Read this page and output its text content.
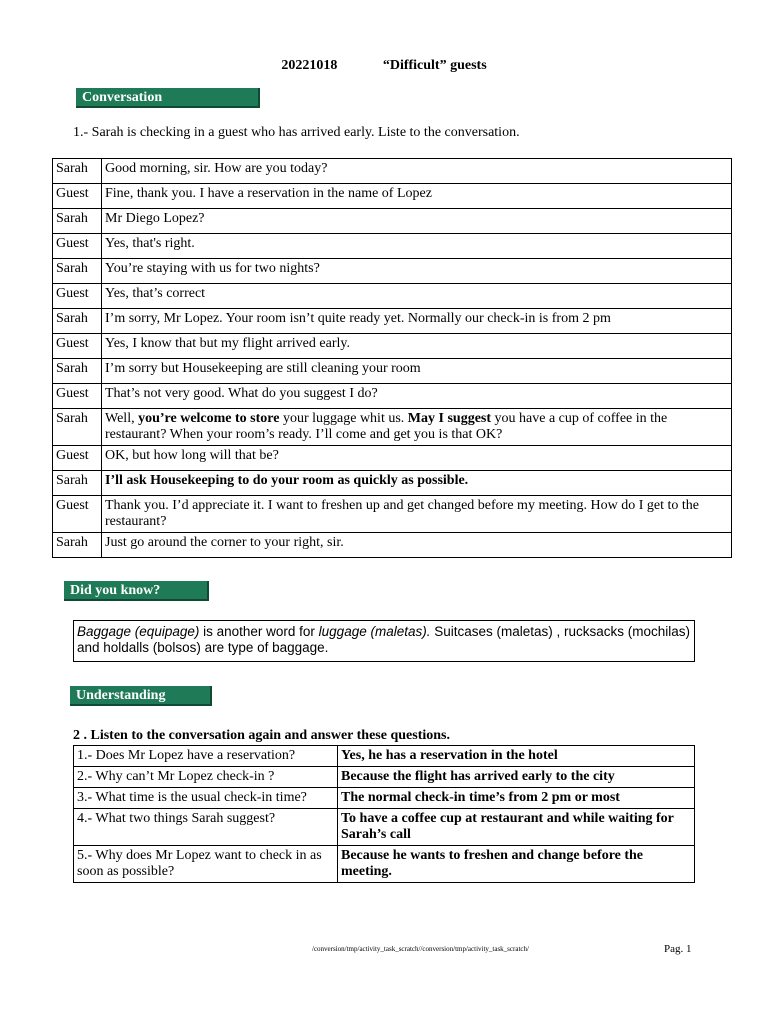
20221018	“Difficult” guests
Conversation
1.- Sarah is checking in a guest who has arrived early. Liste to the conversation.
Sarah	Good morning, sir. How are you today?
Guest	Fine, thank you. I have a reservation in the name of Lopez
Sarah	Mr Diego Lopez?
Guest	Yes, that's right.
Sarah	You’re staying with us for two nights?
Guest	Yes, that’s correct
Sarah	I’m sorry, Mr Lopez. Your room isn’t quite ready yet. Normally our check-in is from 2 pm
Guest	Yes, I know that but my flight arrived early.
Sarah	I’m sorry but Housekeeping are still cleaning your room
Guest	That’s not very good. What do you suggest I do?
Sarah	Well, you’re welcome to store your luggage whit us. May I suggest you have a cup of coffee in the restaurant? When your room’s ready. I’ll come and get you is that OK?
Guest	OK, but how long will that be?
Sarah	I’ll ask Housekeeping to do your room as quickly as possible.
Guest	Thank you. I’d appreciate it. I want to freshen up and get changed before my meeting. How do I get to the restaurant?
Sarah	Just go around the corner to your right, sir.
Did you know?
Baggage (equipage) is another word for luggage (maletas). Suitcases (maletas) , rucksacks (mochilas) and holdalls (bolsos) are type of baggage.
Understanding
2 . Listen to the conversation again and answer these questions.
1.- Does Mr Lopez have a reservation?	Yes, he has a reservation in the hotel
2.- Why can’t Mr Lopez check-in ?	Because the flight has arrived early to the city
3.- What time is the usual check-in time?	The normal check-in time’s from 2 pm or most
4.- What two things Sarah suggest?	To have a coffee cup at restaurant and while waiting for Sarah’s call
5.- Why does Mr Lopez want to check in as soon as possible?	Because he wants to freshen and change before the meeting.
/conversion/tmp/activity_task_scratch//conversion/tmp/activity_task_scratch/	Pag. 1
